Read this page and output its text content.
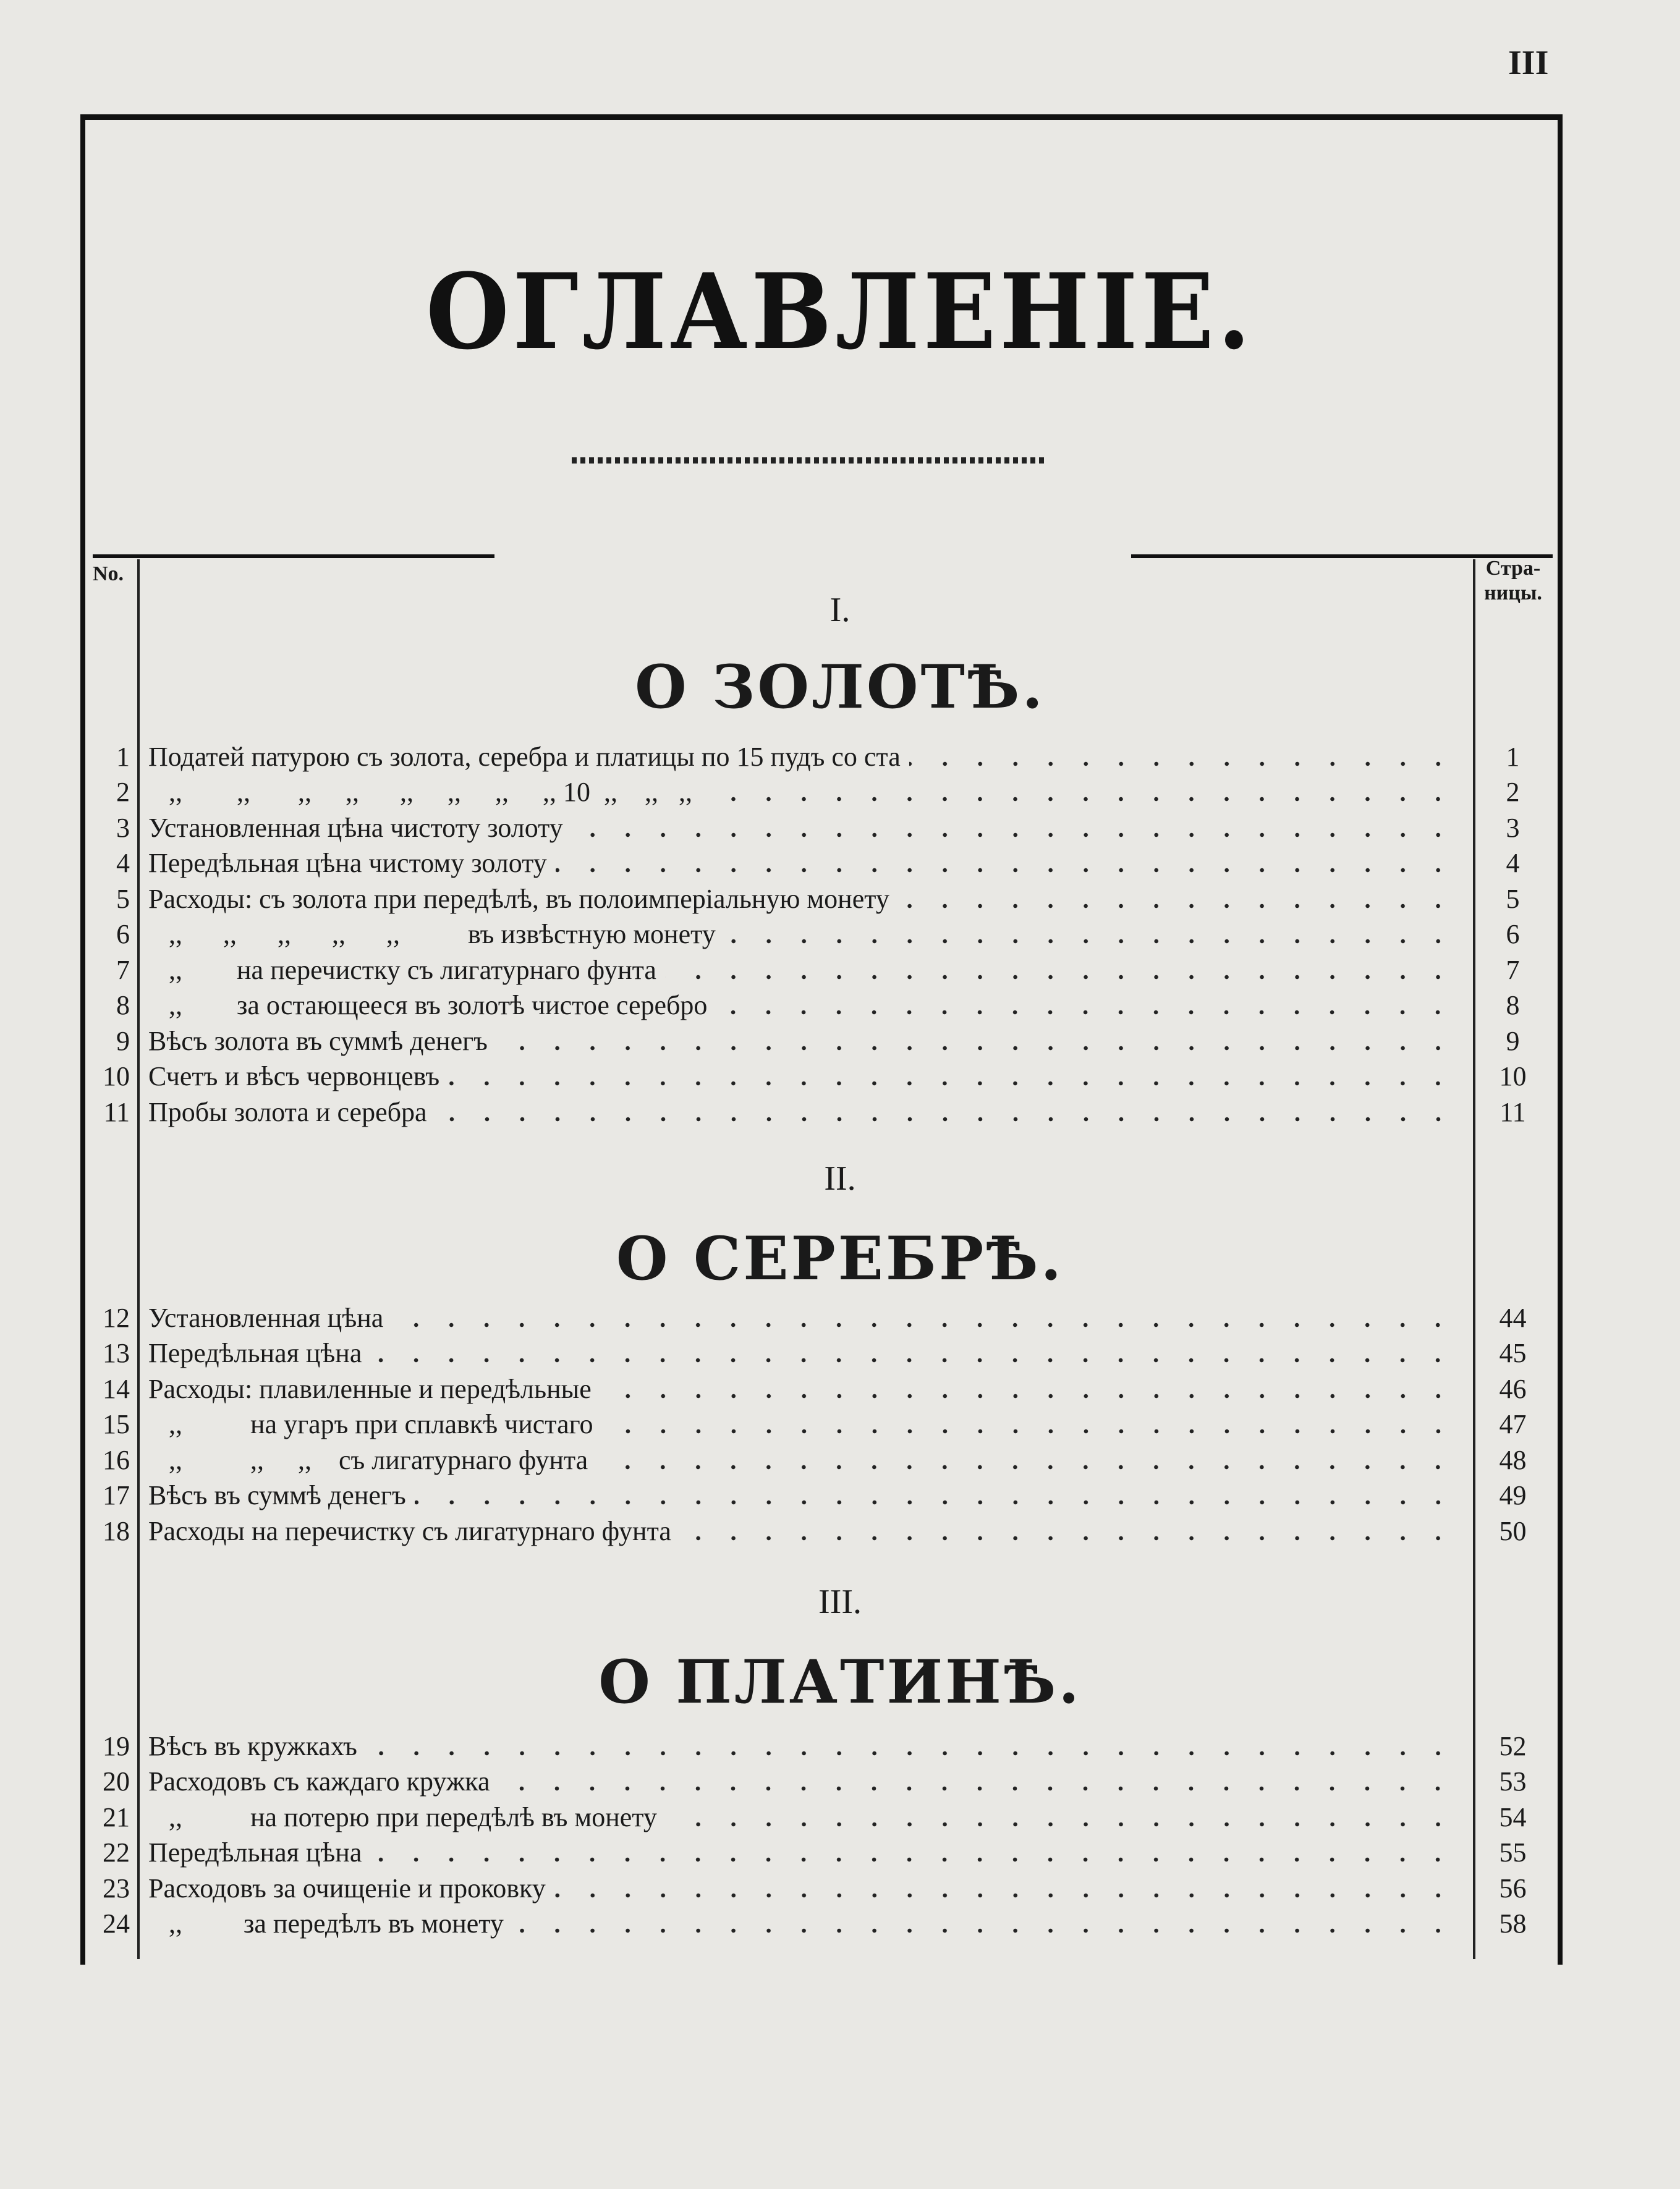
III
ОГЛАВЛЕНІЕ.
No.	Стра-
ницы.
I.
О ЗОЛОТѢ.
1 Податей патурою съ золота, серебра и платицы по 15 пудъ со ста	1
2 ,,        ,,       ,,     ,,      ,,     ,,     ,,     ,, 10  ,,    ,,   ,,	2
3 Установленная цѣна чистоту золоту	3
4 Передѣльная цѣна чистому золоту	4
5 Расходы: съ золота при передѣлѣ, въ полоимперіальную монету	5
6 ,,      ,,      ,,      ,,      ,,          въ извѣстную монету	6
7 ,,        на перечистку съ лигатурнаго фунта	7
8 ,,        за остающееся въ золотѣ чистое серебро	8
9 Вѣсъ золота въ суммѣ денегъ	9
10 Счетъ и вѣсъ червонцевъ	10
11 Пробы золота и серебра	11
II.
О СЕРЕБРѢ.
12 Установленная цѣна	44
13 Передѣльная цѣна	45
14 Расходы: плавиленные и передѣльные	46
15 ,,          на угаръ при сплавкѣ чистаго	47
16 ,,          ,,     ,,    съ лигатурнаго фунта	48
17 Вѣсъ въ суммѣ денегъ	49
18 Расходы на перечистку съ лигатурнаго фунта	50
III.
О ПЛАТИНѢ.
19 Вѣсъ въ кружкахъ	52
20 Расходовъ съ каждаго кружка	53
21 ,,          на потерю при передѣлѣ въ монету	54
22 Передѣльная цѣна	55
23 Расходовъ за очищеніе и проковку	56
24 ,,         за передѣлъ въ монету	58
